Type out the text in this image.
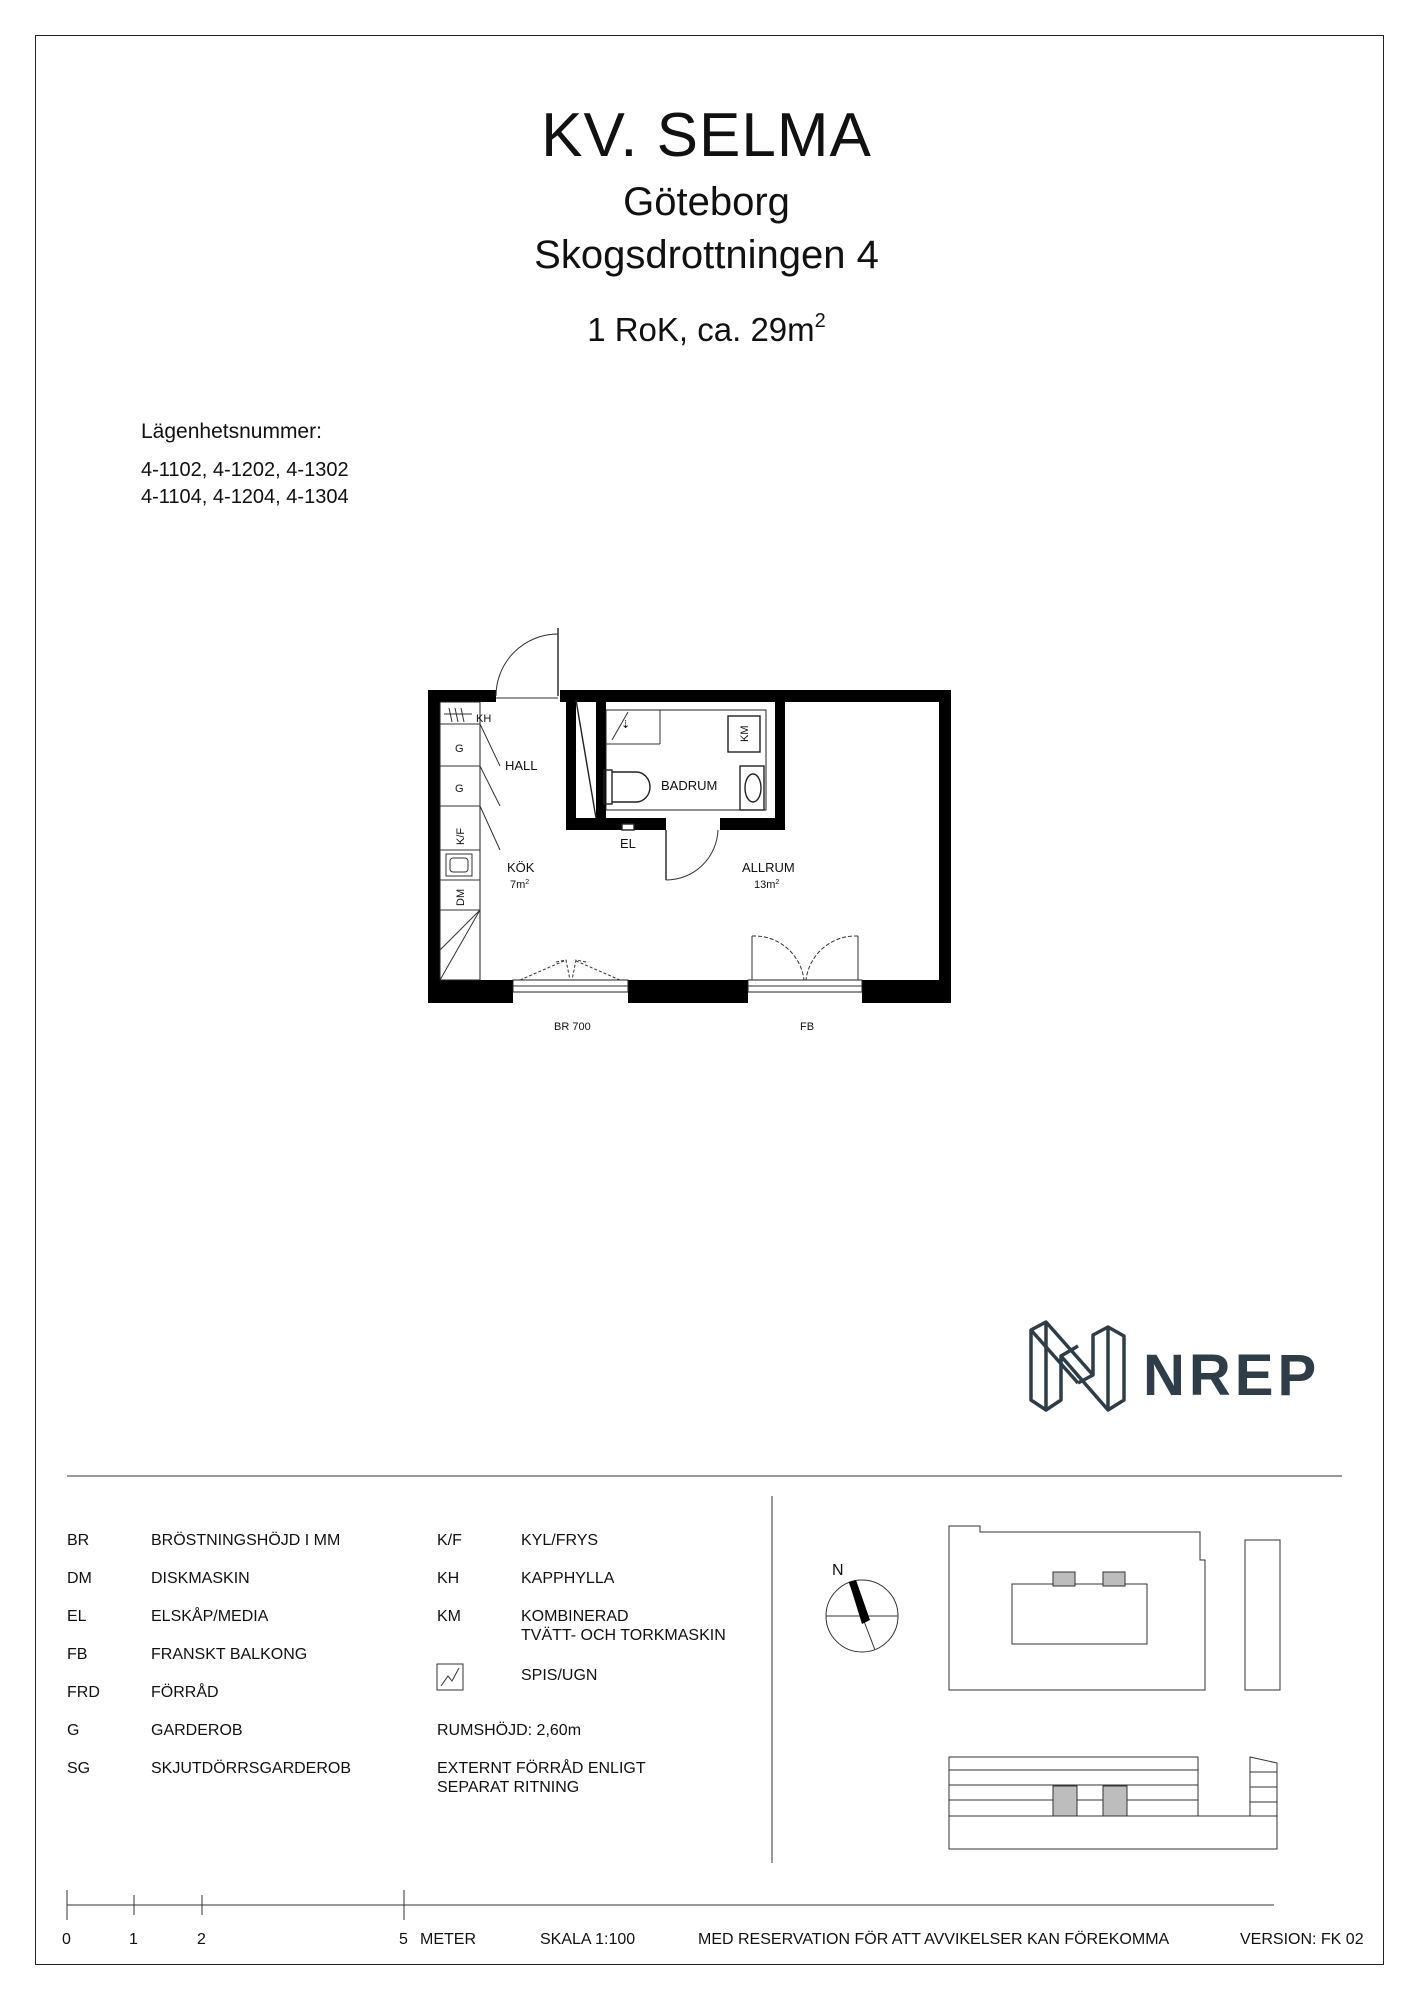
KV. SELMA
Göteborg
Skogsdrottningen 4
1 RoK, ca. $29m^2$
Lägenhetsnummer:
4-1102, 4-1202, 4-1302
4-1104, 4-1204, 4-1304
⇣
KM
BADRUM
EL
G
G
K/F
DM
KH
HALL
KÖK
$7m^2$
ALLRUM
$13m^2$
BR 700	FB
NREP
BR	BRÖSTNINGSHÖJD I MM
DM	DISKMASKIN
EL	ELSKÅP/MEDIA
FB	FRANSKT BALKONG
FRD	FÖRRÅD
G	GARDEROB
SG	SKJUTDÖRRSGARDEROB
K/F	KYL/FRYS
KH	KAPPHYLLA
KM	KOMBINERAD
TVÄTT- OCH TORKMASKIN
SPIS/UGN
RUMSHÖJD: 2,60m
EXTERNT FÖRRÅD ENLIGT
SEPARAT RITNING
N
0	1	2	5 METER	SKALA 1:100	MED RESERVATION FÖR ATT AVVIKELSER KAN FÖREKOMMA	VERSION: FK 02
